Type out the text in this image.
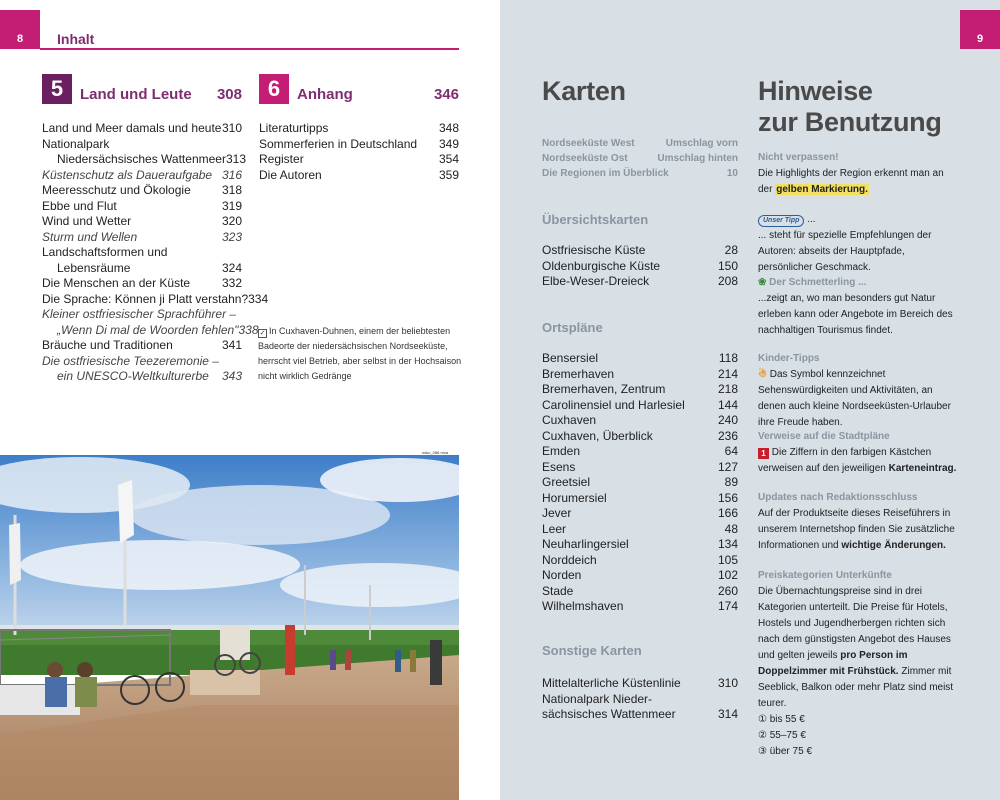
8	Inhalt
5	Land und Leute 308	6	Anhang	346
Land und Meer damals und heute 310
Nationalpark
Niedersächsisches Wattenmeer 313
Küstenschutz als Daueraufgabe 316
Meeresschutz und Ökologie	318
Ebbe und Flut	319
Wind und Wetter	320
Sturm und Wellen	323
Landschaftsformen und
Lebensräume	324
Die Menschen an der Küste	332
Die Sprache: Können ji Platt verstahn? 334
Kleiner ostfriesischer Sprachführer –
„Wenn Di mal de Woorden fehlen" 338
Bräuche und Traditionen	341
Die ostfriesische Teezeremonie –
ein UNESCO-Weltkulturerbe 343
Literaturtipps	348
Sommerferien in Deutschland 349
Register	354
Die Autoren	359
✓ In Cuxhaven-Duhnen, einem der beliebtesten Badeorte der niedersächsischen Nordseeküste, herrscht viel Betrieb, aber selbst in der Hochsaison nicht wirklich Gedränge
nsku_088 mva
9
Karten
Nordseeküste West	Umschlag vorn
Nordseeküste Ost	Umschlag hinten
Die Regionen im Überblick	10
Übersichtskarten
Ostfriesische Küste	28
Oldenburgische Küste	150
Elbe-Weser-Dreieck	208
Ortspläne
Bensersiel	118
Bremerhaven	214
Bremerhaven, Zentrum	218
Carolinensiel und Harlesiel	144
Cuxhaven	240
Cuxhaven, Überblick	236
Emden	64
Esens	127
Greetsiel	89
Horumersiel	156
Jever	166
Leer	48
Neuharlingersiel	134
Norddeich	105
Norden	102
Stade	260
Wilhelmshaven	174
Sonstige Karten
Mittelalterliche Küstenlinie	310
Nationalpark Nieder-
sächsisches Wattenmeer	314
Hinweise
zur Benutzung
Nicht verpassen!
Die Highlights der Region erkennt man an der gelben Markierung.
Unser Tipp ...
... steht für spezielle Empfehlungen der Autoren: abseits der Hauptpfade, persönlicher Geschmack.
❀ Der Schmetterling ...
...zeigt an, wo man besonders gut Natur erleben kann oder Angebote im Bereich des nachhaltigen Tourismus findet.
Kinder-Tipps
☃ Das Symbol kennzeichnet Sehenswürdigkeiten und Aktivitäten, an denen auch kleine Nordseeküsten-Urlauber ihre Freude haben.
Verweise auf die Stadtpläne
1 Die Ziffern in den farbigen Kästchen verweisen auf den jeweiligen Karteneintrag.
Updates nach Redaktionsschluss
Auf der Produktseite dieses Reiseführers in unserem Internetshop finden Sie zusätzliche Informationen und wichtige Änderungen.
Preiskategorien Unterkünfte
Die Übernachtungspreise sind in drei Kategorien unterteilt. Die Preise für Hotels, Hostels und Jugendherbergen richten sich nach dem günstigsten Angebot des Hauses und gelten jeweils pro Person im Doppelzimmer mit Frühstück. Zimmer mit Seeblick, Balkon oder mehr Platz sind meist teurer.
① bis 55 €
② 55–75 €
③ über 75 €
